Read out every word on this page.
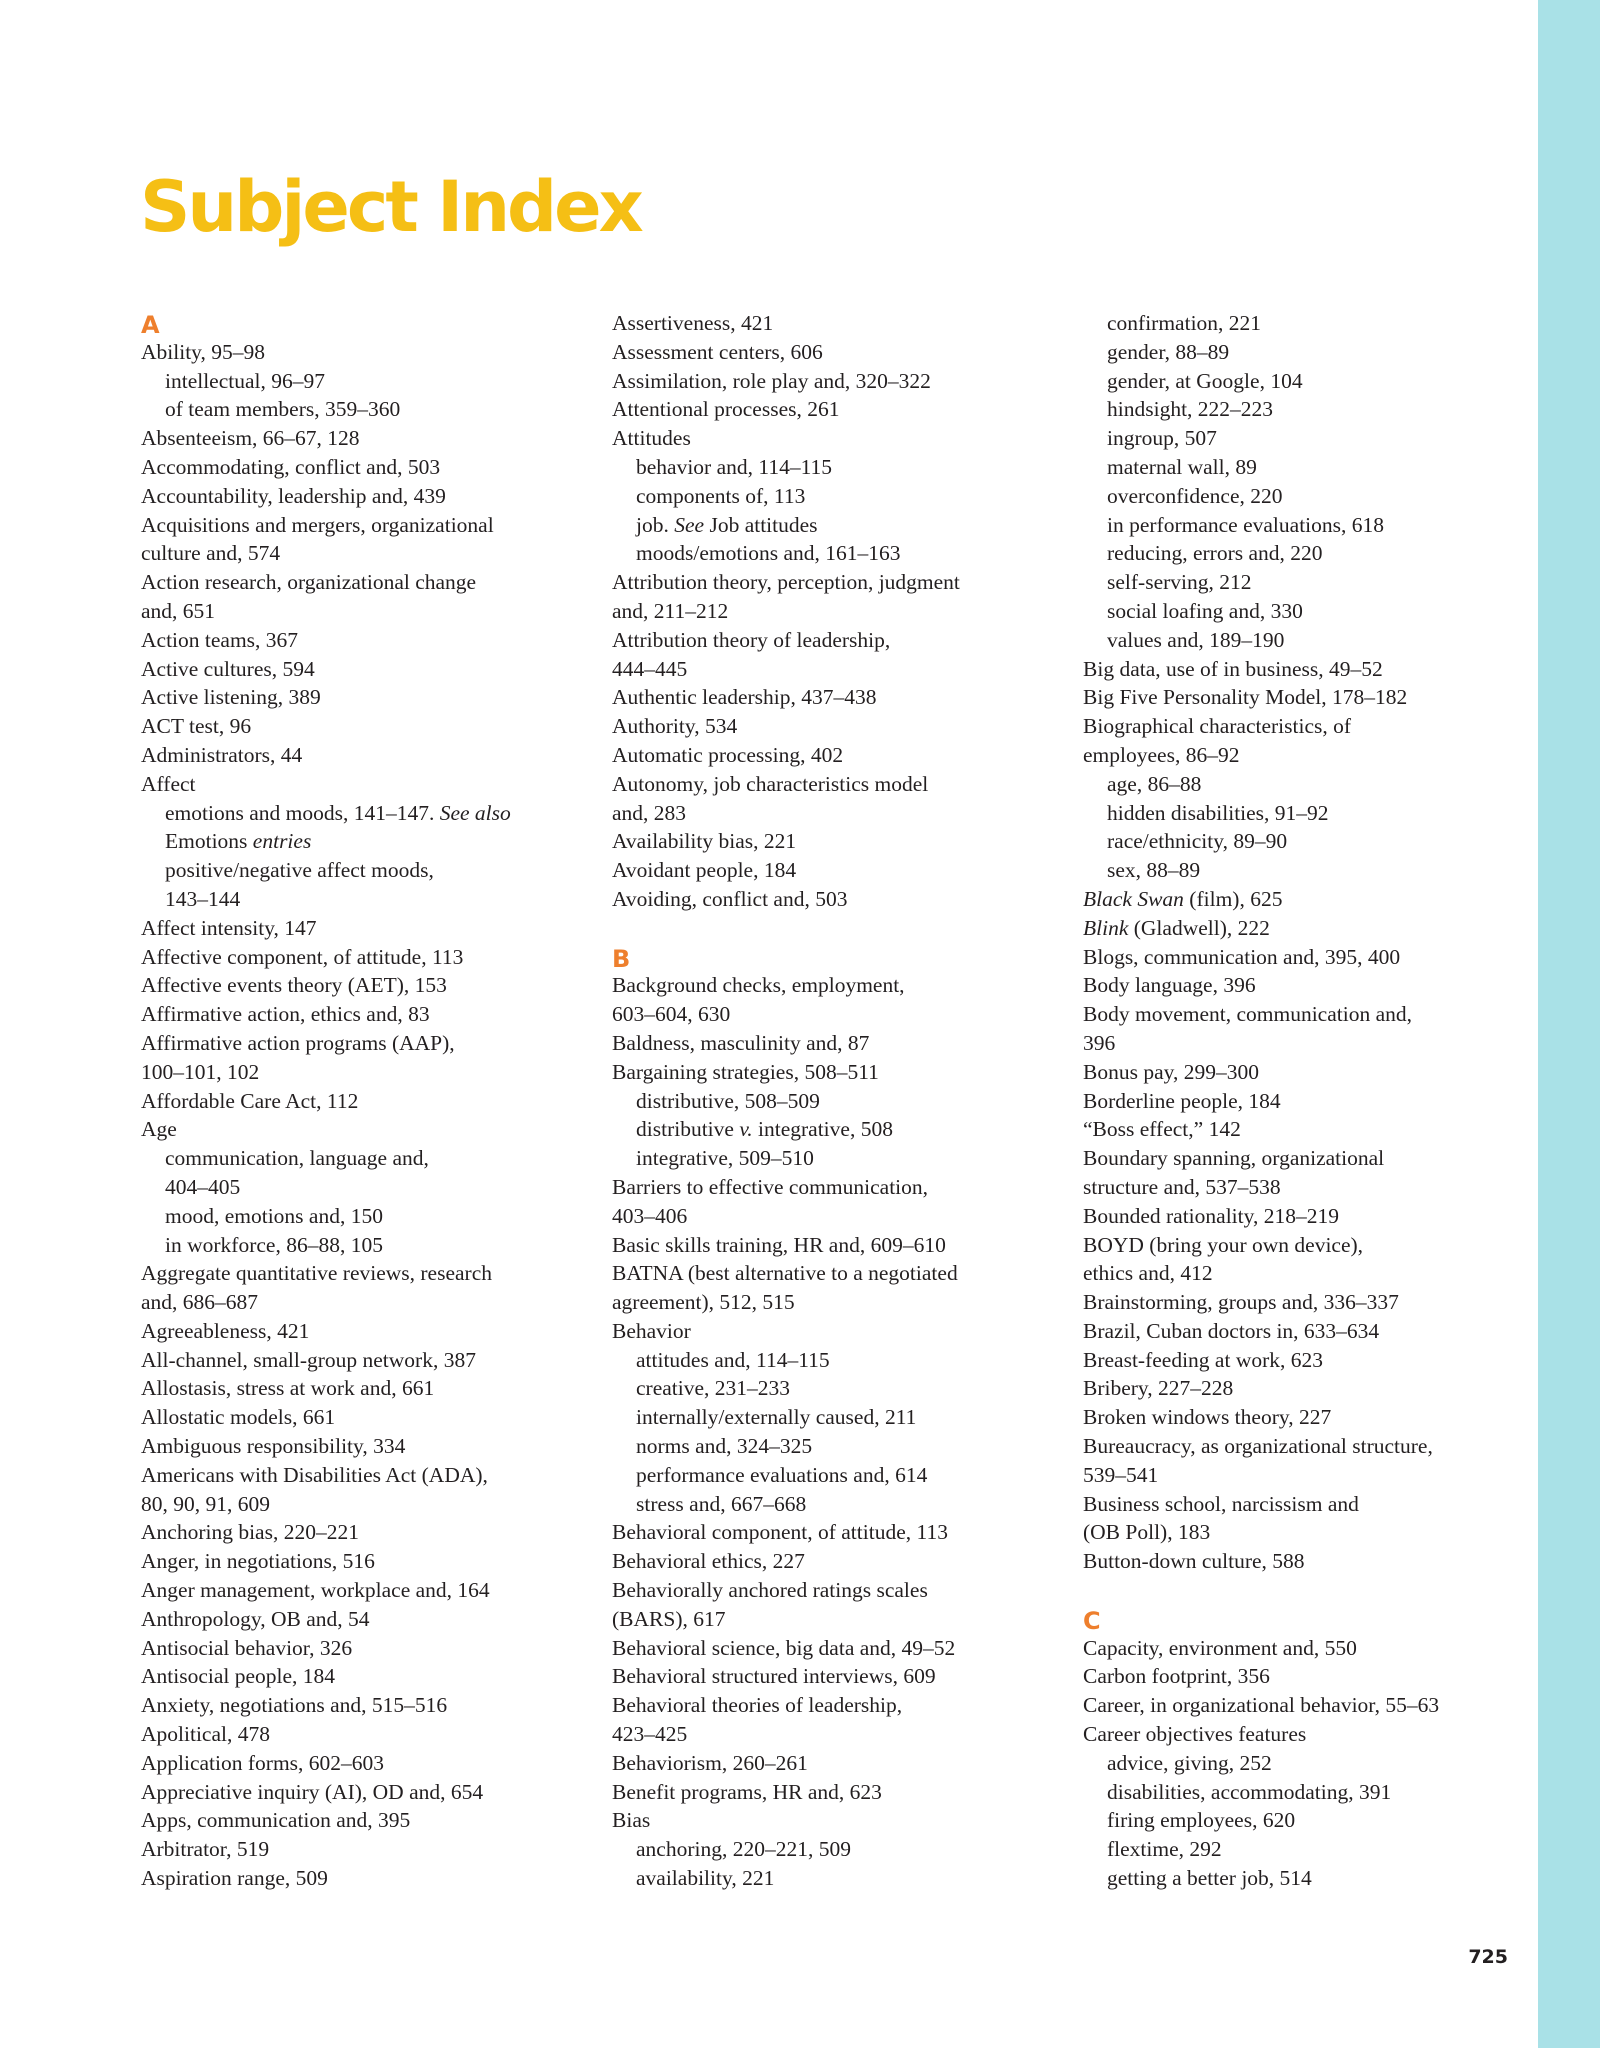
Subject Index
A
Ability, 95–98
intellectual, 96–97
of team members, 359–360
Absenteeism, 66–67, 128
Accommodating, conflict and, 503
Accountability, leadership and, 439
Acquisitions and mergers, organizational
culture and, 574
Action research, organizational change
and, 651
Action teams, 367
Active cultures, 594
Active listening, 389
ACT test, 96
Administrators, 44
Affect
emotions and moods, 141–147. See also
Emotions entries
positive/negative affect moods,
143–144
Affect intensity, 147
Affective component, of attitude, 113
Affective events theory (AET), 153
Affirmative action, ethics and, 83
Affirmative action programs (AAP),
100–101, 102
Affordable Care Act, 112
Age
communication, language and,
404–405
mood, emotions and, 150
in workforce, 86–88, 105
Aggregate quantitative reviews, research
and, 686–687
Agreeableness, 421
All-channel, small-group network, 387
Allostasis, stress at work and, 661
Allostatic models, 661
Ambiguous responsibility, 334
Americans with Disabilities Act (ADA),
80, 90, 91, 609
Anchoring bias, 220–221
Anger, in negotiations, 516
Anger management, workplace and, 164
Anthropology, OB and, 54
Antisocial behavior, 326
Antisocial people, 184
Anxiety, negotiations and, 515–516
Apolitical, 478
Application forms, 602–603
Appreciative inquiry (AI), OD and, 654
Apps, communication and, 395
Arbitrator, 519
Aspiration range, 509
Assertiveness, 421
Assessment centers, 606
Assimilation, role play and, 320–322
Attentional processes, 261
Attitudes
behavior and, 114–115
components of, 113
job. See Job attitudes
moods/emotions and, 161–163
Attribution theory, perception, judgment
and, 211–212
Attribution theory of leadership,
444–445
Authentic leadership, 437–438
Authority, 534
Automatic processing, 402
Autonomy, job characteristics model
and, 283
Availability bias, 221
Avoidant people, 184
Avoiding, conflict and, 503
B
Background checks, employment,
603–604, 630
Baldness, masculinity and, 87
Bargaining strategies, 508–511
distributive, 508–509
distributive v. integrative, 508
integrative, 509–510
Barriers to effective communication,
403–406
Basic skills training, HR and, 609–610
BATNA (best alternative to a negotiated
agreement), 512, 515
Behavior
attitudes and, 114–115
creative, 231–233
internally/externally caused, 211
norms and, 324–325
performance evaluations and, 614
stress and, 667–668
Behavioral component, of attitude, 113
Behavioral ethics, 227
Behaviorally anchored ratings scales
(BARS), 617
Behavioral science, big data and, 49–52
Behavioral structured interviews, 609
Behavioral theories of leadership,
423–425
Behaviorism, 260–261
Benefit programs, HR and, 623
Bias
anchoring, 220–221, 509
availability, 221
confirmation, 221
gender, 88–89
gender, at Google, 104
hindsight, 222–223
ingroup, 507
maternal wall, 89
overconfidence, 220
in performance evaluations, 618
reducing, errors and, 220
self-serving, 212
social loafing and, 330
values and, 189–190
Big data, use of in business, 49–52
Big Five Personality Model, 178–182
Biographical characteristics, of
employees, 86–92
age, 86–88
hidden disabilities, 91–92
race/ethnicity, 89–90
sex, 88–89
Black Swan (film), 625
Blink (Gladwell), 222
Blogs, communication and, 395, 400
Body language, 396
Body movement, communication and,
396
Bonus pay, 299–300
Borderline people, 184
“Boss effect,” 142
Boundary spanning, organizational
structure and, 537–538
Bounded rationality, 218–219
BOYD (bring your own device),
ethics and, 412
Brainstorming, groups and, 336–337
Brazil, Cuban doctors in, 633–634
Breast-feeding at work, 623
Bribery, 227–228
Broken windows theory, 227
Bureaucracy, as organizational structure,
539–541
Business school, narcissism and
(OB Poll), 183
Button-down culture, 588
C
Capacity, environment and, 550
Carbon footprint, 356
Career, in organizational behavior, 55–63
Career objectives features
advice, giving, 252
disabilities, accommodating, 391
firing employees, 620
flextime, 292
getting a better job, 514
725
